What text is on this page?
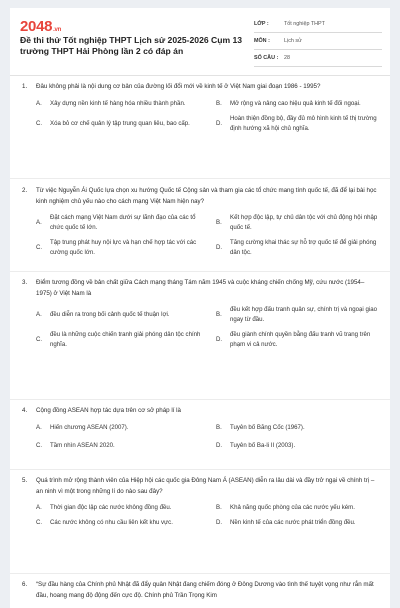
2048.vn
Đề thi thử Tốt nghiệp THPT Lịch sử 2025-2026 Cụm 13 trường THPT Hải Phòng lần 2 có đáp án
LỚP :	Tốt nghiệp THPT
MÔN :	Lịch sử
SỐ CÂU :	28
1.	Đâu không phải là nội dung cơ bản của đường lối đổi mới về kinh tế ở Việt Nam giai đoạn 1986 - 1995?
A.	Xây dựng nền kinh tế hàng hóa nhiều thành phần.	B.	Mở rộng và nâng cao hiệu quả kinh tế đối ngoại.
C.	Xóa bỏ cơ chế quản lý tập trung quan liêu, bao cấp.	D.
Hoàn thiện đồng bộ, đầy đủ mô hình kinh tế thị trường định hướng xã hội chủ nghĩa.
2.	Từ việc Nguyễn Ái Quốc lựa chọn xu hướng Quốc tế Cộng sản và tham gia các tổ chức mang tính quốc tế, đã để lại bài học kinh nghiệm chủ yếu nào cho cách mạng Việt Nam hiện nay?
A.
Đặt cách mạng Việt Nam dưới sự lãnh đạo của các tổ chức quốc tế lớn.
B.
Kết hợp độc lập, tự chủ dân tộc với chủ động hội nhập quốc tế.
C.
Tập trung phát huy nội lực và hạn chế hợp tác với các cường quốc lớn.
D.
Tăng cường khai thác sự hỗ trợ quốc tế để giải phóng dân tộc.
3.	Điểm tương đồng về bản chất giữa Cách mạng tháng Tám năm 1945 và cuộc kháng chiến chống Mỹ, cứu nước (1954–1975) ở Việt Nam là
A.	đều diễn ra trong bối cảnh quốc tế thuận lợi.	B.
đều kết hợp đấu tranh quân sự, chính trị và ngoại giao ngay từ đầu.
C.
đều là những cuộc chiến tranh giải phóng dân tộc chính nghĩa.
D.
đều giành chính quyền bằng đấu tranh vũ trang trên phạm vi cả nước.
4.	Cộng đồng ASEAN hợp tác dựa trên cơ sở pháp lí là
A.	Hiến chương ASEAN (2007).	B.	Tuyên bố Băng Cốc (1967).
C.	Tầm nhìn ASEAN 2020.	D.	Tuyên bố Ba-li II (2003).
5.	Quá trình mở rộng thành viên của Hiệp hội các quốc gia Đông Nam Á (ASEAN) diễn ra lâu dài và đầy trở ngại về chính trị – an ninh vì một trong những lí do nào sau đây?
A.	Thời gian độc lập các nước không đồng đều.	B.	Khả năng quốc phòng của các nước yếu kém.
C.	Các nước không có nhu cầu liên kết khu vực.	D.	Nền kinh tế của các nước phát triển đồng đều.
6.	“Sự đầu hàng của Chính phủ Nhật đã đẩy quân Nhật đang chiếm đóng ở Đông Dương vào tình thế tuyệt vọng như rắn mất đầu, hoang mang độ động đến cực độ. Chính phủ Trần Trọng Kim
